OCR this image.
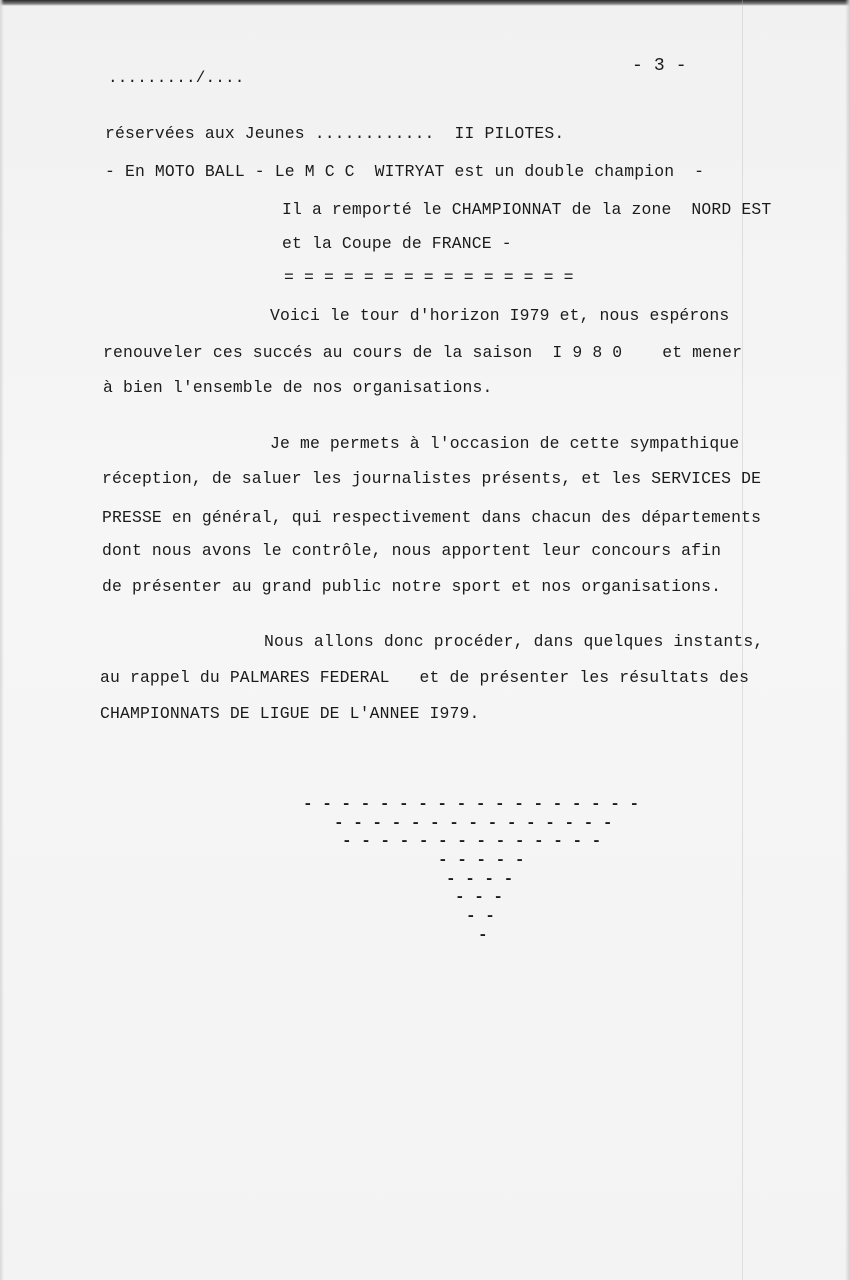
........./....
- 3 -
réservées aux Jeunes ............  II PILOTES.
- En MOTO BALL - Le M C C  WITRYAT est un double champion  -
Il a remporté le CHAMPIONNAT de la zone  NORD EST
et la Coupe de FRANCE -
= = = = = = = = = = = = = = =
Voici le tour d'horizon I979 et, nous espérons
renouveler ces succés au cours de la saison  I 9 8 0    et mener
à bien l'ensemble de nos organisations.
Je me permets à l'occasion de cette sympathique
réception, de saluer les journalistes présents, et les SERVICES DE
PRESSE en général, qui respectivement dans chacun des départements
dont nous avons le contrôle, nous apportent leur concours afin
de présenter au grand public notre sport et nos organisations.
Nous allons donc procéder, dans quelques instants,
au rappel du PALMARES FEDERAL   et de présenter les résultats des
CHAMPIONNATS DE LIGUE DE L'ANNEE I979.
- - - - - - - - - - - - - - - - - -
- - - - - - - - - - - - - - -
- - - - - - - - - - - - - -
- - - - -
- - - -
- - -
- -
-
